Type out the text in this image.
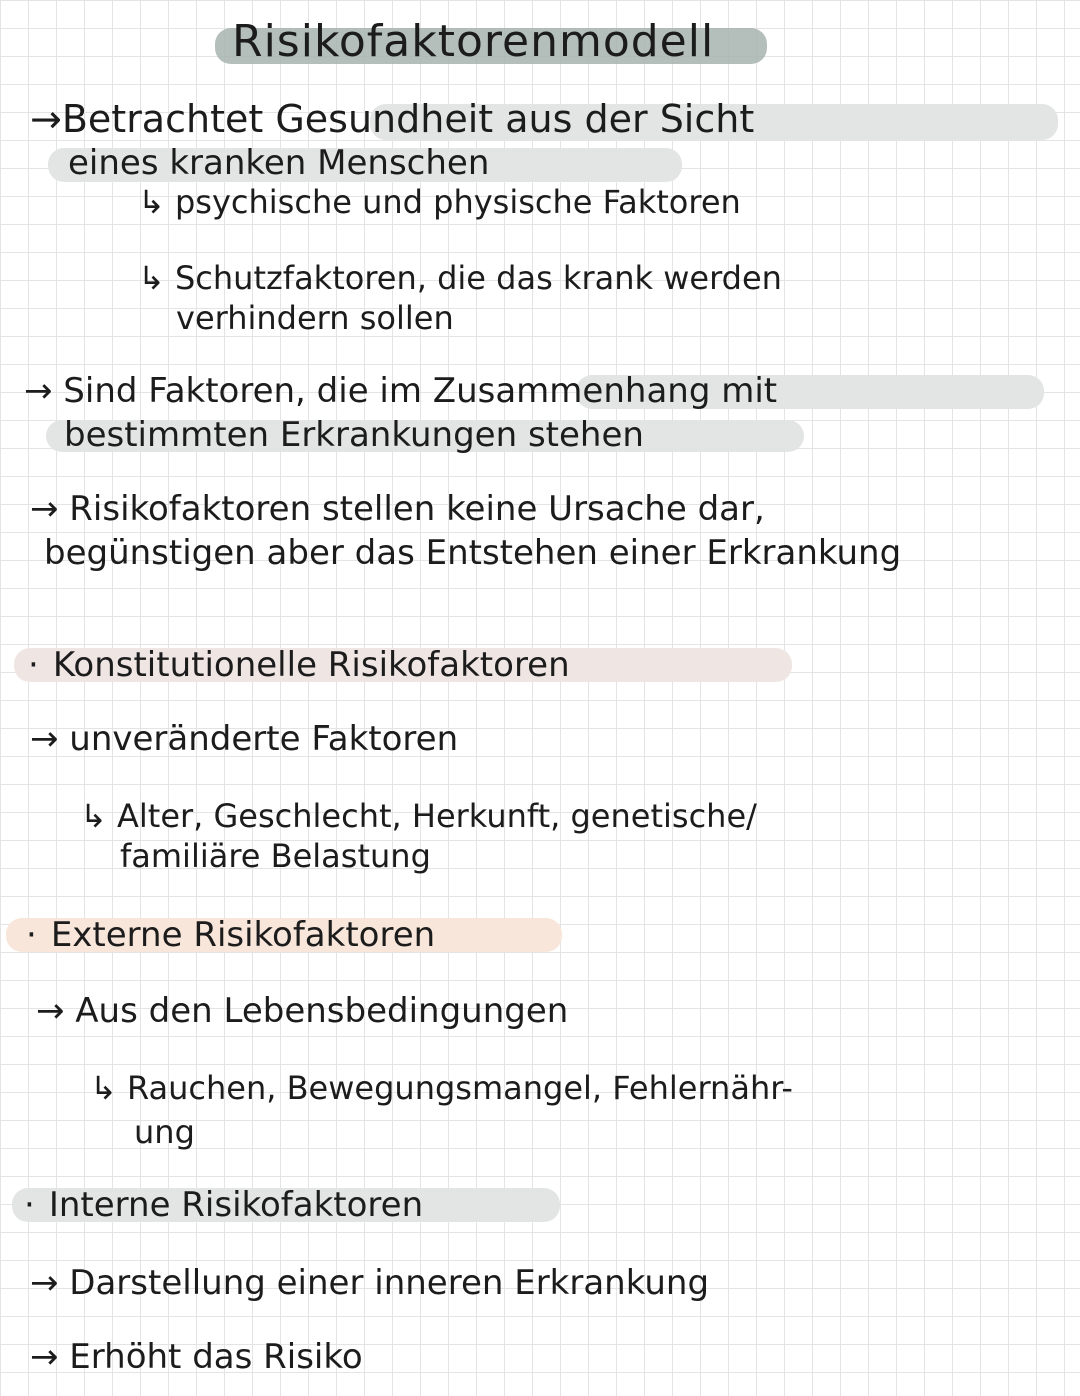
Risikofaktorenmodell
→Betrachtet Gesundheit aus der Sicht
eines kranken Menschen
↳ psychische und physische Faktoren
↳ Schutzfaktoren, die das krank werden
verhindern sollen
→ Sind Faktoren, die im Zusammenhang mit
bestimmten Erkrankungen stehen
→ Risikofaktoren stellen keine Ursache dar,
begünstigen aber das Entstehen einer Erkrankung
· Konstitutionelle Risikofaktoren
→ unveränderte Faktoren
↳ Alter, Geschlecht, Herkunft, genetische/
familiäre Belastung
· Externe Risikofaktoren
→ Aus den Lebensbedingungen
↳ Rauchen, Bewegungsmangel, Fehlernähr-
ung
· Interne Risikofaktoren
→ Darstellung einer inneren Erkrankung
→ Erhöht das Risiko
